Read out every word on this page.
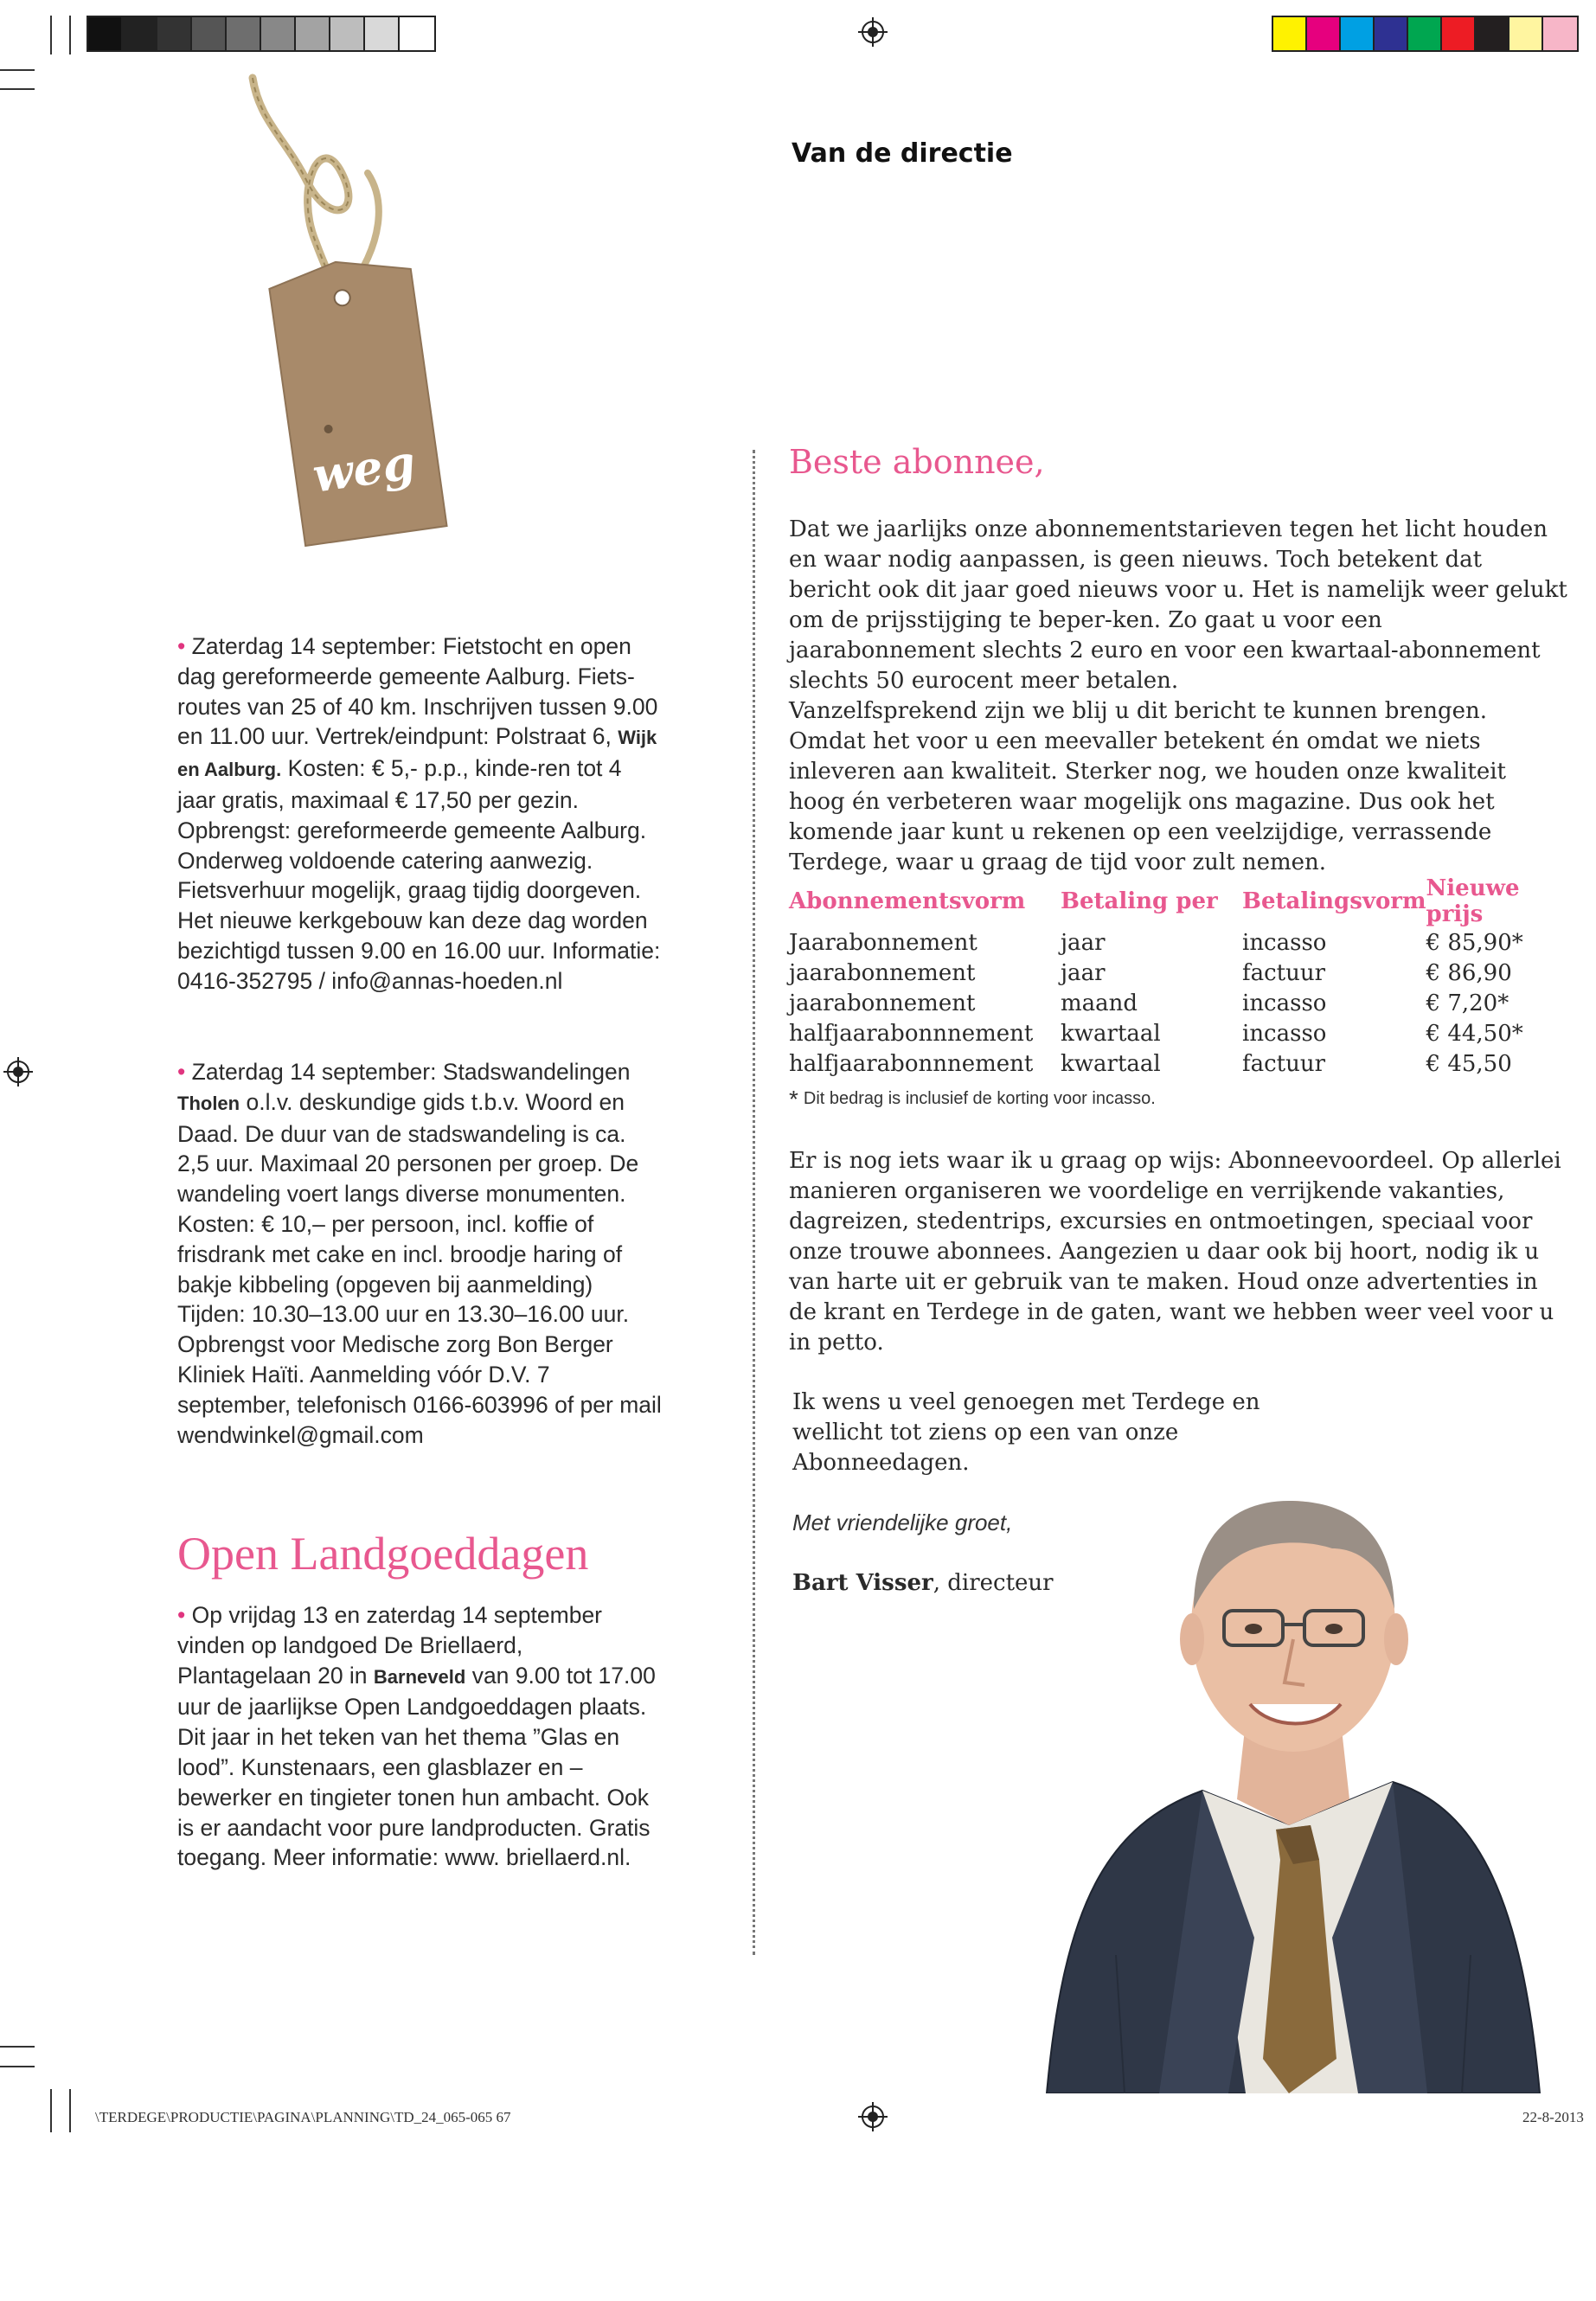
Van de directie
weg

• Zaterdag 14 september: Fietstocht en open dag gereformeerde gemeente Aalburg. Fiets-routes van 25 of 40 km. Inschrijven tussen 9.00 en 11.00 uur. Vertrek/eindpunt: Polstraat 6, Wijk en Aalburg. Kosten: € 5,- p.p., kinde-ren tot 4 jaar gratis, maximaal € 17,50 per gezin. Opbrengst: gereformeerde gemeente Aalburg. Onderweg voldoende catering aanwezig. Fietsverhuur mogelijk, graag tijdig doorgeven. Het nieuwe kerkgebouw kan deze dag worden bezichtigd tussen 9.00 en 16.00 uur. Informatie: 0416-352795 / info@annas-hoeden.nl

• Zaterdag 14 september: Stadswandelingen Tholen o.l.v. deskundige gids t.b.v. Woord en Daad. De duur van de stadswandeling is ca. 2,5 uur. Maximaal 20 personen per groep. De wandeling voert langs diverse monumenten. Kosten: € 10,– per persoon, incl. koffie of frisdrank met cake en incl. broodje haring of bakje kibbeling (opgeven bij aanmelding) Tijden: 10.30–13.00 uur en 13.30–16.00 uur. Opbrengst voor Medische zorg Bon Berger Kliniek Haïti. Aanmelding vóór D.V. 7 september, telefonisch 0166-603996 of per mail wendwinkel@gmail.com

Open Landgoeddagen

• Op vrijdag 13 en zaterdag 14 september vinden op landgoed De Briellaerd, Plantagelaan 20 in Barneveld van 9.00 tot 17.00 uur de jaarlijkse Open Landgoeddagen plaats. Dit jaar in het teken van het thema ”Glas en lood”. Kunstenaars, een glasblazer en –bewerker en tingieter tonen hun ambacht. Ook is er aandacht voor pure landproducten. Gratis toegang. Meer informatie: www. briellaerd.nl.

Beste abonnee,
Dat we jaarlijks onze abonnementstarieven tegen het licht houden en waar nodig aanpassen, is geen nieuws. Toch betekent dat bericht ook dit jaar goed nieuws voor u. Het is namelijk weer gelukt om de prijsstijging te beper-ken. Zo gaat u voor een jaarabonnement slechts 2 euro en voor een kwartaal-abonnement slechts 50 eurocent meer betalen.
Vanzelfsprekend zijn we blij u dit bericht te kunnen brengen. Omdat het voor u een meevaller betekent én omdat we niets inleveren aan kwaliteit. Sterker nog, we houden onze kwaliteit hoog én verbeteren waar mogelijk ons magazine. Dus ook het komende jaar kunt u rekenen op een veelzijdige, verrassende Terdege, waar u graag de tijd voor zult nemen.
Abonnementsvorm	Betaling per	Betalingsvorm	Nieuwe prijs
Jaarabonnement	jaar	incasso	€ 85,90*
jaarabonnement	jaar	factuur	€ 86,90
jaarabonnement	maand	incasso	€ 7,20*
halfjaarabonnnement	kwartaal	incasso	€ 44,50*
halfjaarabonnnement	kwartaal	factuur	€ 45,50
* Dit bedrag is inclusief de korting voor incasso.
Er is nog iets waar ik u graag op wijs: Abonneevoordeel. Op allerlei manieren organiseren we voordelige en verrijkende vakanties, dagreizen, stedentrips, excursies en ontmoetingen, speciaal voor onze trouwe abonnees. Aangezien u daar ook bij hoort, nodig ik u van harte uit er gebruik van te maken. Houd onze advertenties in de krant en Terdege in de gaten, want we hebben weer veel voor u in petto.
Ik wens u veel genoegen met Terdege en wellicht tot ziens op een van onze Abonneedagen.
Met vriendelijke groet,
Bart Visser, directeur
\TERDEGE\PRODUCTIE\PAGINA\PLANNING\TD_24_065-065 67	22-8-2013
